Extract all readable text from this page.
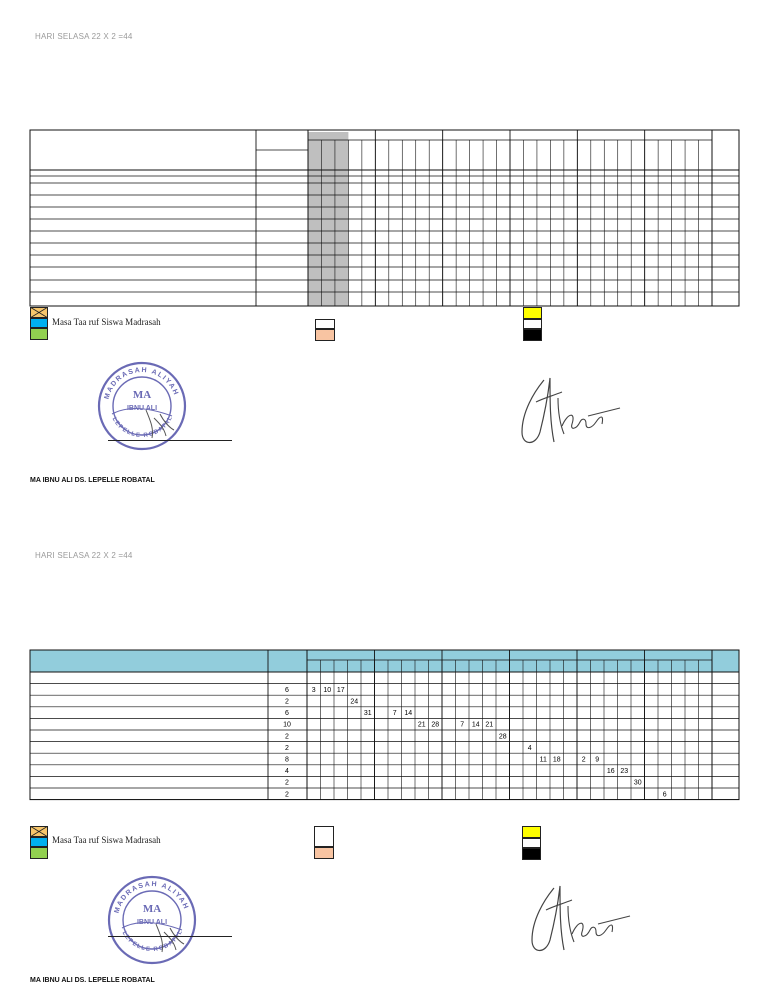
HARI SELASA 22 X 2 =44
Masa Taa ruf Siswa Madrasah
MADRASAH ALIYAH
LEPELLE ROBATAL
MA
IBNU ALI
MA IBNU ALI DS. LEPELLE ROBATAL
HARI SELASA 22 X 2 =44
6	3 10 17
2	24
6	31	7 14
10	21 28	7 14 21
2	28
2	4
8	11 18	2 9
4	16 23
2	30
2	6
Masa Taa ruf Siswa Madrasah
MADRASAH ALIYAH
LEPELLE ROBATAL
MA
IBNU ALI
MA IBNU ALI DS. LEPELLE ROBATAL
